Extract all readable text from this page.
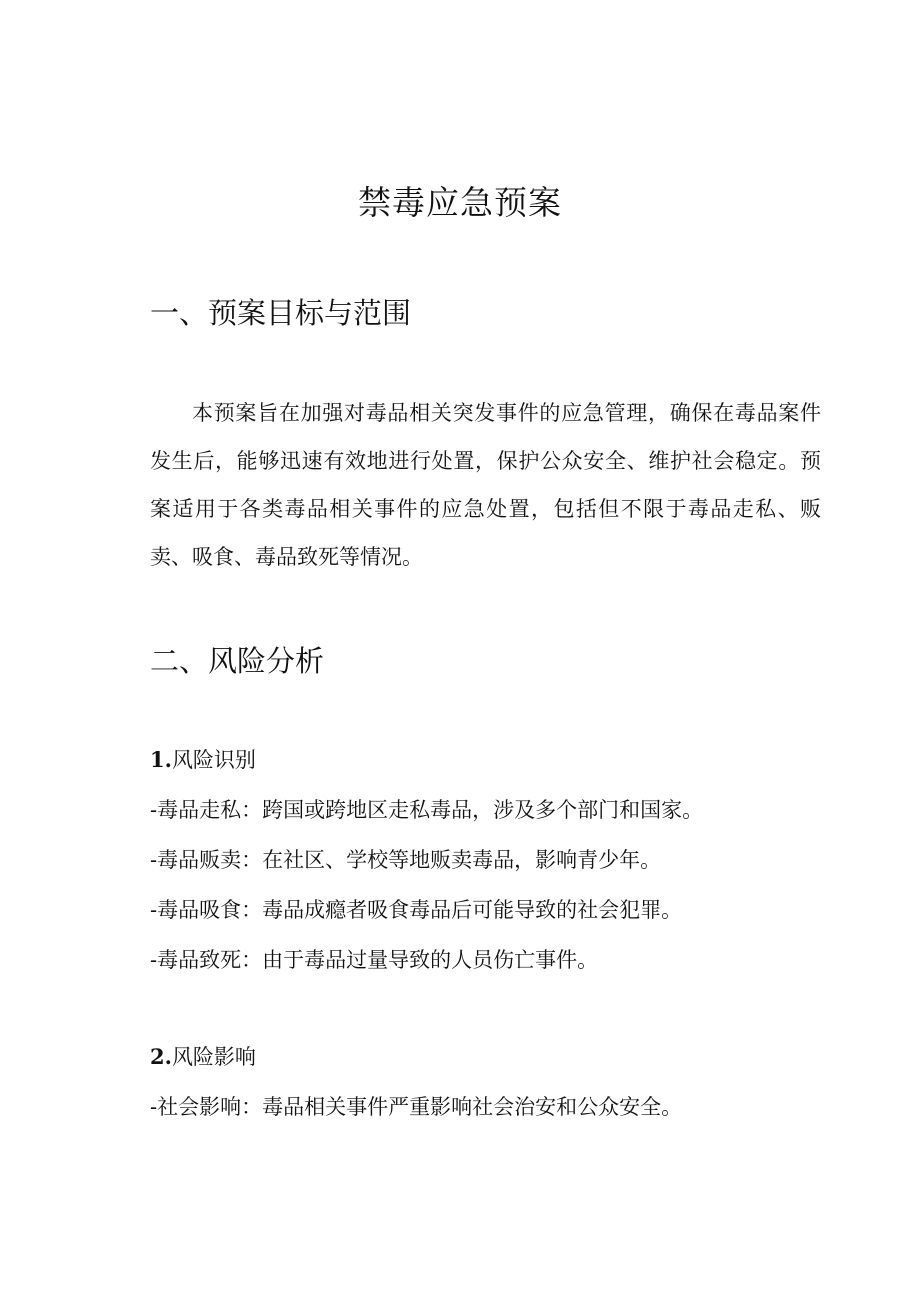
禁毒应急预案
一、预案目标与范围

本预案旨在加强对毒品相关突发事件的应急管理，确保在毒品案件发生后，能够迅速有效地进行处置，保护公众安全、维护社会稳定。预案适用于各类毒品相关事件的应急处置，包括但不限于毒品走私、贩卖、吸食、毒品致死等情况。

二、风险分析
1.风险识别
-毒品走私：跨国或跨地区走私毒品，涉及多个部门和国家。
-毒品贩卖：在社区、学校等地贩卖毒品，影响青少年。
-毒品吸食：毒品成瘾者吸食毒品后可能导致的社会犯罪。
-毒品致死：由于毒品过量导致的人员伤亡事件。
2.风险影响
-社会影响：毒品相关事件严重影响社会治安和公众安全。
